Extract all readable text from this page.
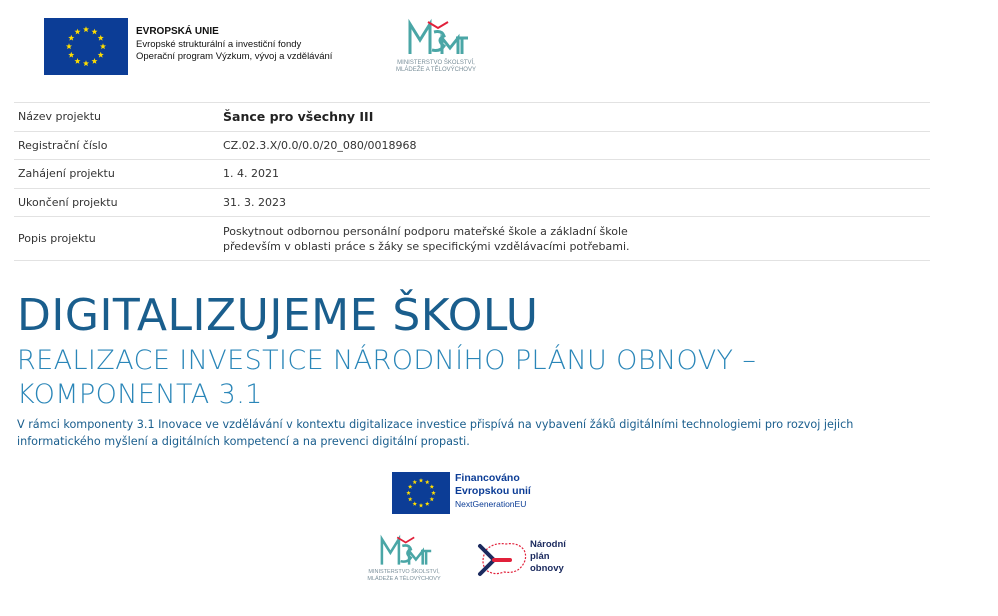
EVROPSKÁ UNIE
Evropské strukturální a investiční fondy
Operační program Výzkum, vývoj a vzdělávání
MINISTERSTVO ŠKOLSTVÍ,
MLÁDEŽE A TĚLOVÝCHOVY
Název projektu	Šance pro všechny III
Registrační číslo	CZ.02.3.X/0.0/0.0/20_080/0018968
Zahájení projektu	1. 4. 2021
Ukončení projektu	31. 3. 2023
Popis projektu	Poskytnout odbornou personální podporu mateřské škole a základní škole
především v oblasti práce s žáky se specifickými vzdělávacími potřebami.
DIGITALIZUJEME ŠKOLU
REALIZACE INVESTICE NÁRODNÍHO PLÁNU OBNOVY – KOMPONENTA 3.1
V rámci komponenty 3.1 Inovace ve vzdělávání v kontextu digitalizace investice přispívá na vybavení žáků digitálními technologiemi pro rozvoj jejich informatického myšlení a digitálních kompetencí a na prevenci digitální propasti.
Financováno
Evropskou unií
NextGenerationEU
MINISTERSTVO ŠKOLSTVÍ,
MLÁDEŽE A TĚLOVÝCHOVY
Národní
plán
obnovy
